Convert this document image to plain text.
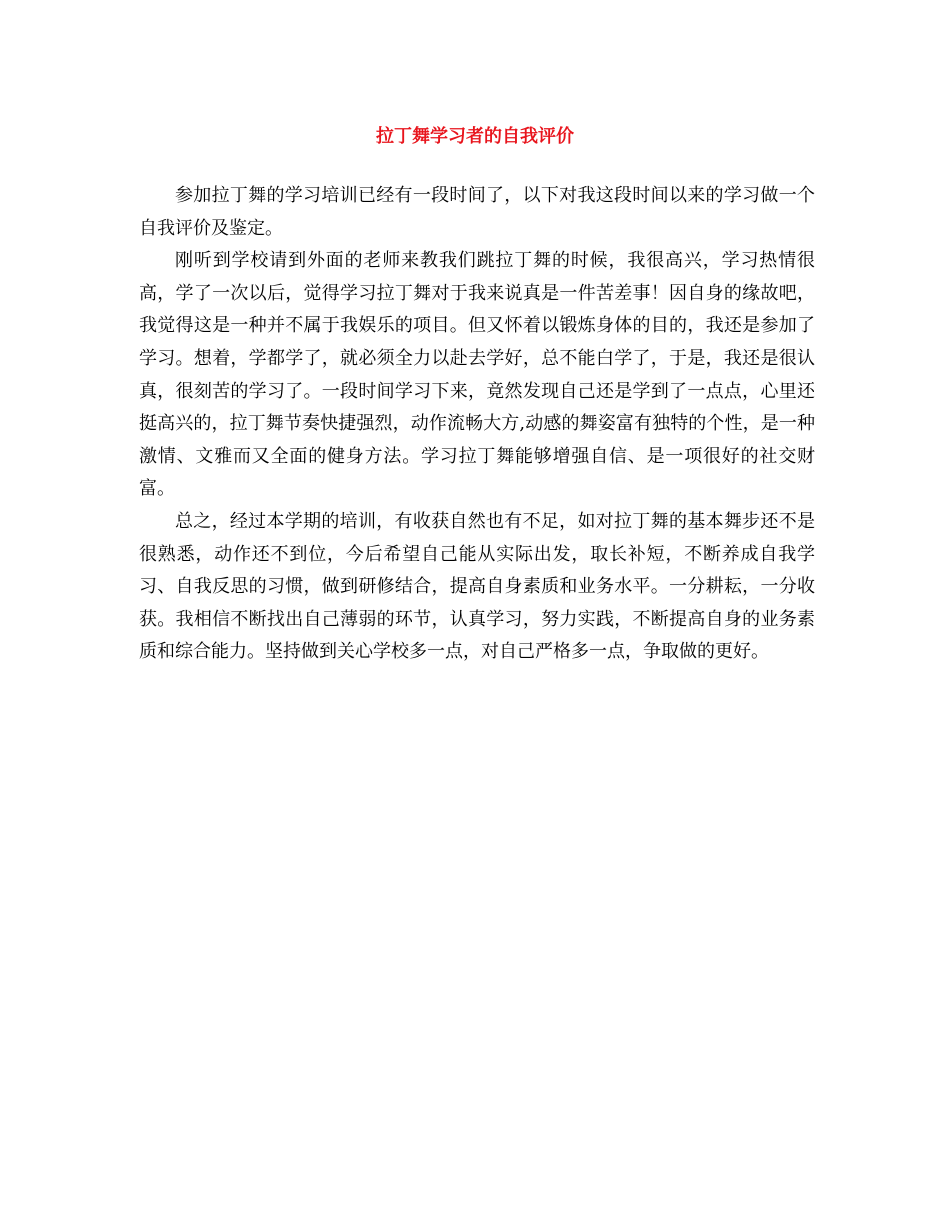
拉丁舞学习者的自我评价

参加拉丁舞的学习培训已经有一段时间了，以下对我这段时间以来的学习做一个自我评价及鉴定。

刚听到学校请到外面的老师来教我们跳拉丁舞的时候，我很高兴，学习热情很高，学了一次以后，觉得学习拉丁舞对于我来说真是一件苦差事！因自身的缘故吧，我觉得这是一种并不属于我娱乐的项目。但又怀着以锻炼身体的目的，我还是参加了学习。想着，学都学了，就必须全力以赴去学好，总不能白学了，于是，我还是很认真，很刻苦的学习了。一段时间学习下来，竟然发现自己还是学到了一点点，心里还挺高兴的，拉丁舞节奏快捷强烈，动作流畅大方,动感的舞姿富有独特的个性，是一种激情、文雅而又全面的健身方法。学习拉丁舞能够增强自信、是一项很好的社交财富。

总之，经过本学期的培训，有收获自然也有不足，如对拉丁舞的基本舞步还不是很熟悉，动作还不到位，今后希望自己能从实际出发，取长补短，不断养成自我学习、自我反思的习惯，做到研修结合，提高自身素质和业务水平。一分耕耘，一分收获。我相信不断找出自己薄弱的环节，认真学习，努力实践，不断提高自身的业务素质和综合能力。坚持做到关心学校多一点，对自己严格多一点，争取做的更好。
